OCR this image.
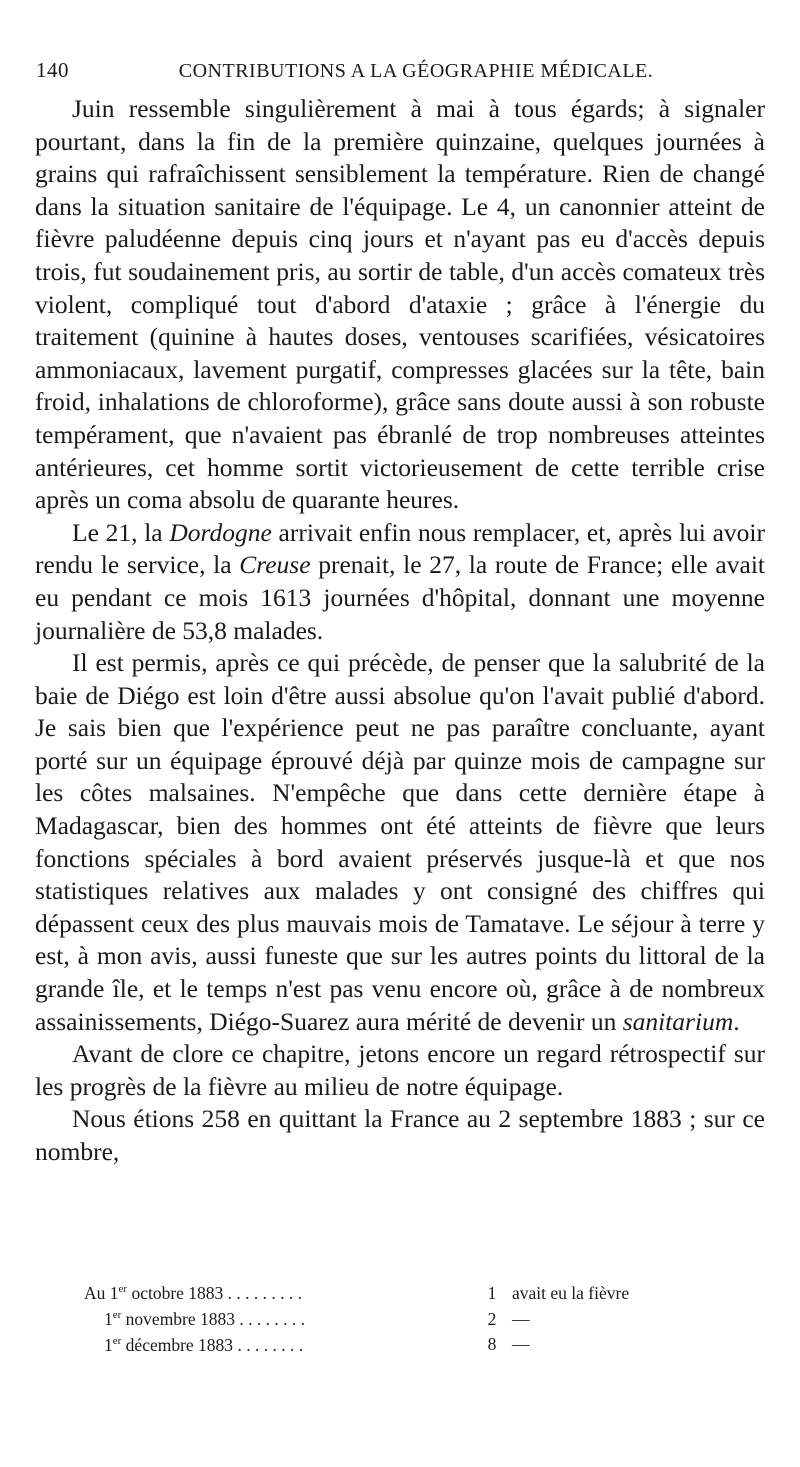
140	CONTRIBUTIONS A LA GÉOGRAPHIE MÉDICALE.

Juin ressemble singulièrement à mai à tous égards; à signaler pourtant, dans la fin de la première quinzaine, quelques journées à grains qui rafraîchissent sensiblement la température. Rien de changé dans la situation sanitaire de l'équipage. Le 4, un canonnier atteint de fièvre paludéenne depuis cinq jours et n'ayant pas eu d'accès depuis trois, fut soudainement pris, au sortir de table, d'un accès comateux très violent, compliqué tout d'abord d'ataxie ; grâce à l'énergie du traitement (quinine à hautes doses, ventouses scarifiées, vésicatoires ammoniacaux, lavement purgatif, compresses glacées sur la tête, bain froid, inhalations de chloroforme), grâce sans doute aussi à son robuste tempérament, que n'avaient pas ébranlé de trop nombreuses atteintes antérieures, cet homme sortit victorieusement de cette terrible crise après un coma absolu de quarante heures.

Le 21, la Dordogne arrivait enfin nous remplacer, et, après lui avoir rendu le service, la Creuse prenait, le 27, la route de France; elle avait eu pendant ce mois 1613 journées d'hôpital, donnant une moyenne journalière de 53,8 malades.

Il est permis, après ce qui précède, de penser que la salubrité de la baie de Diégo est loin d'être aussi absolue qu'on l'avait publié d'abord. Je sais bien que l'expérience peut ne pas paraître concluante, ayant porté sur un équipage éprouvé déjà par quinze mois de campagne sur les côtes malsaines. N'empêche que dans cette dernière étape à Madagascar, bien des hommes ont été atteints de fièvre que leurs fonctions spéciales à bord avaient préservés jusque-là et que nos statistiques relatives aux malades y ont consigné des chiffres qui dépassent ceux des plus mauvais mois de Tamatave. Le séjour à terre y est, à mon avis, aussi funeste que sur les autres points du littoral de la grande île, et le temps n'est pas venu encore où, grâce à de nombreux assainissements, Diégo-Suarez aura mérité de devenir un sanitarium.

Avant de clore ce chapitre, jetons encore un regard rétrospectif sur les progrès de la fièvre au milieu de notre équipage.

Nous étions 258 en quittant la France au 2 septembre 1883 ; sur ce nombre,

Au 1er octobre 1883 . . . . . . . . .	1 avait eu la fièvre
1er novembre 1883 . . . . . . . .	2 —
1er décembre 1883 . . . . . . . .	8 —
